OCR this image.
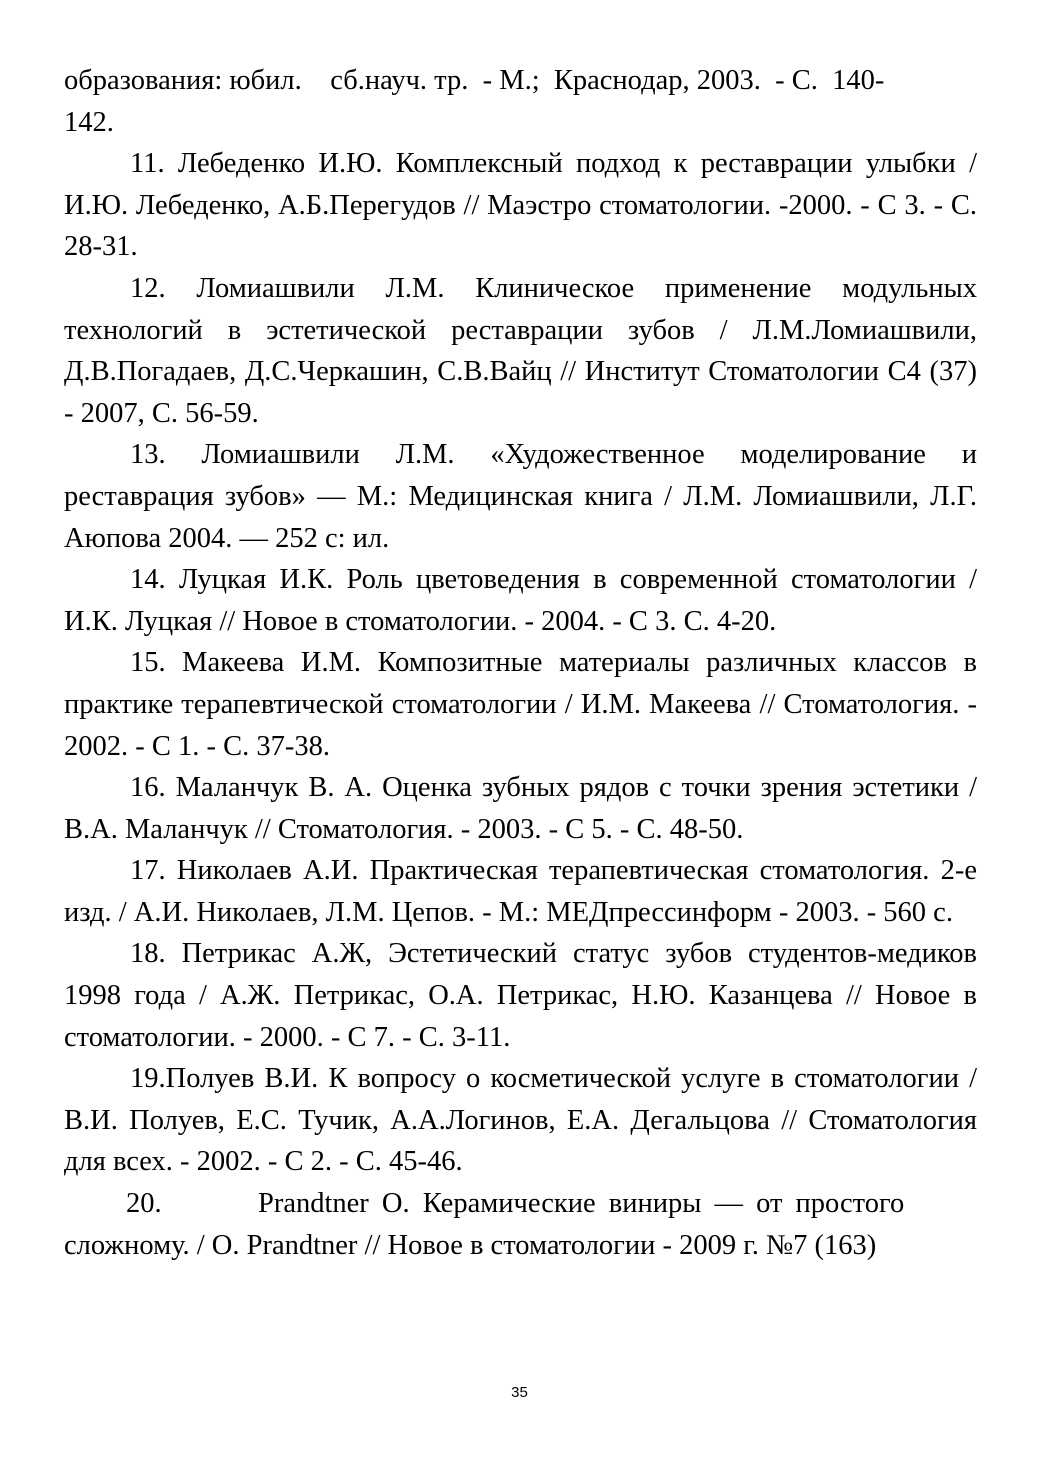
образования: юбил.    сб.науч. тр.  - М.;  Краснодар, 2003.  - С.  140-
142.

11. Лебеденко И.Ю. Комплексный подход к реставрации улыбки / И.Ю. Лебеденко, А.Б.Перегудов // Маэстро стоматологии. -2000. - С 3. - С. 28-31.

12. Ломиашвили Л.М. Клиническое применение модульных технологий в эстетической реставрации зубов / Л.М.Ломиашвили, Д.В.Погадаев, Д.С.Черкашин, С.В.Вайц // Институт Стоматологии С4 (37) - 2007, С. 56-59.

13. Ломиашвили Л.М. «Художественное моделирование и реставрация зубов» — М.: Медицинская книга / Л.М. Ломиашвили, Л.Г. Аюпова 2004. — 252 с: ил.

14. Луцкая И.К. Роль цветоведения в современной стоматологии / И.К. Луцкая // Новое в стоматологии. - 2004. - С 3. С. 4-20.

15. Макеева И.М. Композитные материалы различных классов в практике терапевтической стоматологии / И.М. Макеева // Стоматология. - 2002. - С 1. - С. 37-38.

16. Маланчук В. А. Оценка зубных рядов с точки зрения эстетики / В.А. Маланчук // Стоматология. - 2003. - С 5. - С. 48-50.

17. Николаев А.И. Практическая терапевтическая стоматология. 2-е изд. / А.И. Николаев, Л.М. Цепов. - М.: МЕДпрессинформ - 2003. - 560 с.

18. Петрикас А.Ж, Эстетический статус зубов студентов-медиков 1998 года / А.Ж. Петрикас, О.А. Петрикас, Н.Ю. Казанцева // Новое в стоматологии. - 2000. - С 7. - С. 3-11.

19.Полуев В.И. К вопросу о косметической услуге в стоматологии / В.И. Полуев, Е.С. Тучик, А.А.Логинов, Е.А. Дегальцова // Стоматология для всех. - 2002. - С 2. - С. 45-46.

20.	Prandtner О. Керамические виниры — от простого
сложному. / О. Prandtner // Новое в стоматологии - 2009 г. №7 (163)

35
